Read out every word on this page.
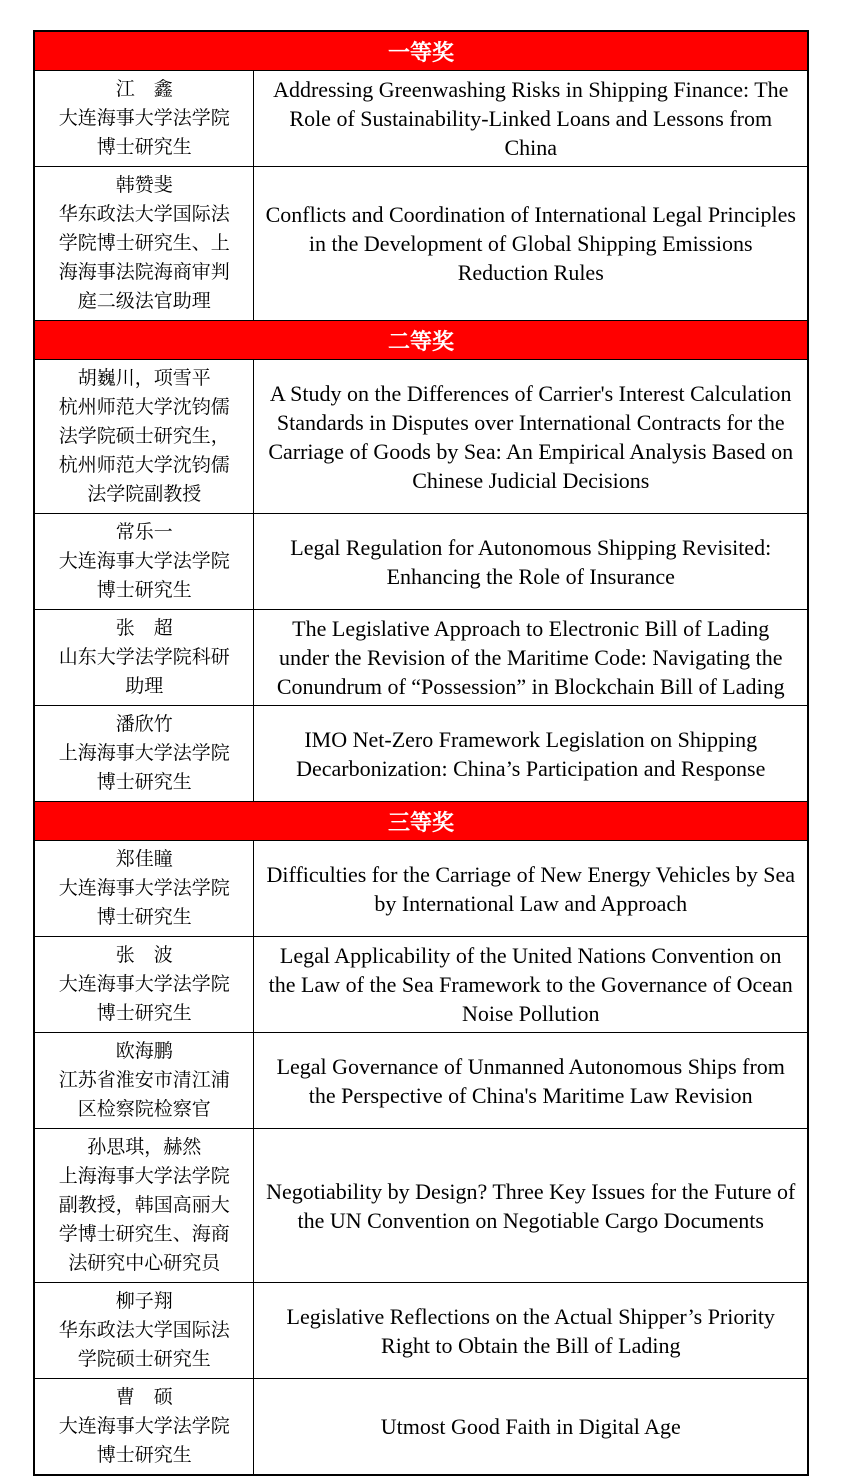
一等奖	

江　鑫
大连海事大学法学院博士研究生	Addressing Greenwashing Risks in Shipping Finance: The Role of Sustainability-Linked Loans and Lessons from China

韩赞斐
华东政法大学国际法学院博士研究生、上海海事法院海商审判庭二级法官助理	Conflicts and Coordination of International Legal Principles in the Development of Global Shipping Emissions Reduction Rules
二等奖	

胡巍川，项雪平
杭州师范大学沈钧儒法学院硕士研究生，杭州师范大学沈钧儒法学院副教授	A Study on the Differences of Carrier's Interest Calculation Standards in Disputes over International Contracts for the Carriage of Goods by Sea: An Empirical Analysis Based on Chinese Judicial Decisions

常乐一
大连海事大学法学院博士研究生	Legal Regulation for Autonomous Shipping Revisited: Enhancing the Role of Insurance

张　超
山东大学法学院科研助理	The Legislative Approach to Electronic Bill of Lading under the Revision of the Maritime Code: Navigating the Conundrum of “Possession” in Blockchain Bill of Lading

潘欣竹
上海海事大学法学院博士研究生	IMO Net-Zero Framework Legislation on Shipping Decarbonization: China’s Participation and Response
三等奖	

郑佳瞳
大连海事大学法学院博士研究生	Difficulties for the Carriage of New Energy Vehicles by Sea by International Law and Approach

张　波
大连海事大学法学院博士研究生	Legal Applicability of the United Nations Convention on the Law of the Sea Framework to the Governance of Ocean Noise Pollution

欧海鹏
江苏省淮安市清江浦区检察院检察官	Legal Governance of Unmanned Autonomous Ships from the Perspective of China's Maritime Law Revision

孙思琪，赫然
上海海事大学法学院副教授，韩国高丽大学博士研究生、海商法研究中心研究员	Negotiability by Design? Three Key Issues for the Future of the UN Convention on Negotiable Cargo Documents

柳子翔
华东政法大学国际法学院硕士研究生	Legislative Reflections on the Actual Shipper’s Priority Right to Obtain the Bill of Lading

曹　硕
大连海事大学法学院博士研究生	Utmost Good Faith in Digital Age
